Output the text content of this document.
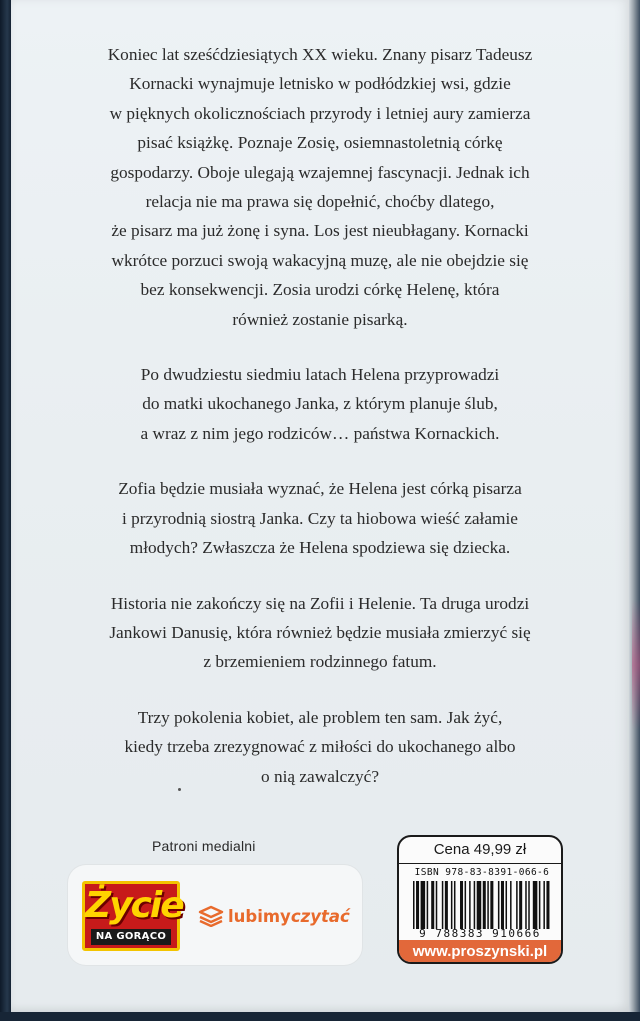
Koniec lat sześćdziesiątych XX wieku. Znany pisarz Tadeusz
Kornacki wynajmuje letnisko w podłódzkiej wsi, gdzie
w pięknych okolicznościach przyrody i letniej aury zamierza
pisać książkę. Poznaje Zosię, osiemnastoletnią córkę
gospodarzy. Oboje ulegają wzajemnej fascynacji. Jednak ich
relacja nie ma prawa się dopełnić, choćby dlatego,
że pisarz ma już żonę i syna. Los jest nieubłagany. Kornacki
wkrótce porzuci swoją wakacyjną muzę, ale nie obejdzie się
bez konsekwencji. Zosia urodzi córkę Helenę, która
również zostanie pisarką.

Po dwudziestu siedmiu latach Helena przyprowadzi
do matki ukochanego Janka, z którym planuje ślub,
a wraz z nim jego rodziców… państwa Kornackich.

Zofia będzie musiała wyznać, że Helena jest córką pisarza
i przyrodnią siostrą Janka. Czy ta hiobowa wieść załamie
młodych? Zwłaszcza że Helena spodziewa się dziecka.

Historia nie zakończy się na Zofii i Helenie. Ta druga urodzi
Jankowi Danusię, która również będzie musiała zmierzyć się
z brzemieniem rodzinnego fatum.

Trzy pokolenia kobiet, ale problem ten sam. Jak żyć,
kiedy trzeba zrezygnować z miłości do ukochanego albo
o nią zawalczyć?

Patroni medialni
Życie
NA GORĄCO
lubimyczytać
Cena 49,99 zł
ISBN 978-83-8391-066-6
9 788383 910666
www.proszynski.pl
